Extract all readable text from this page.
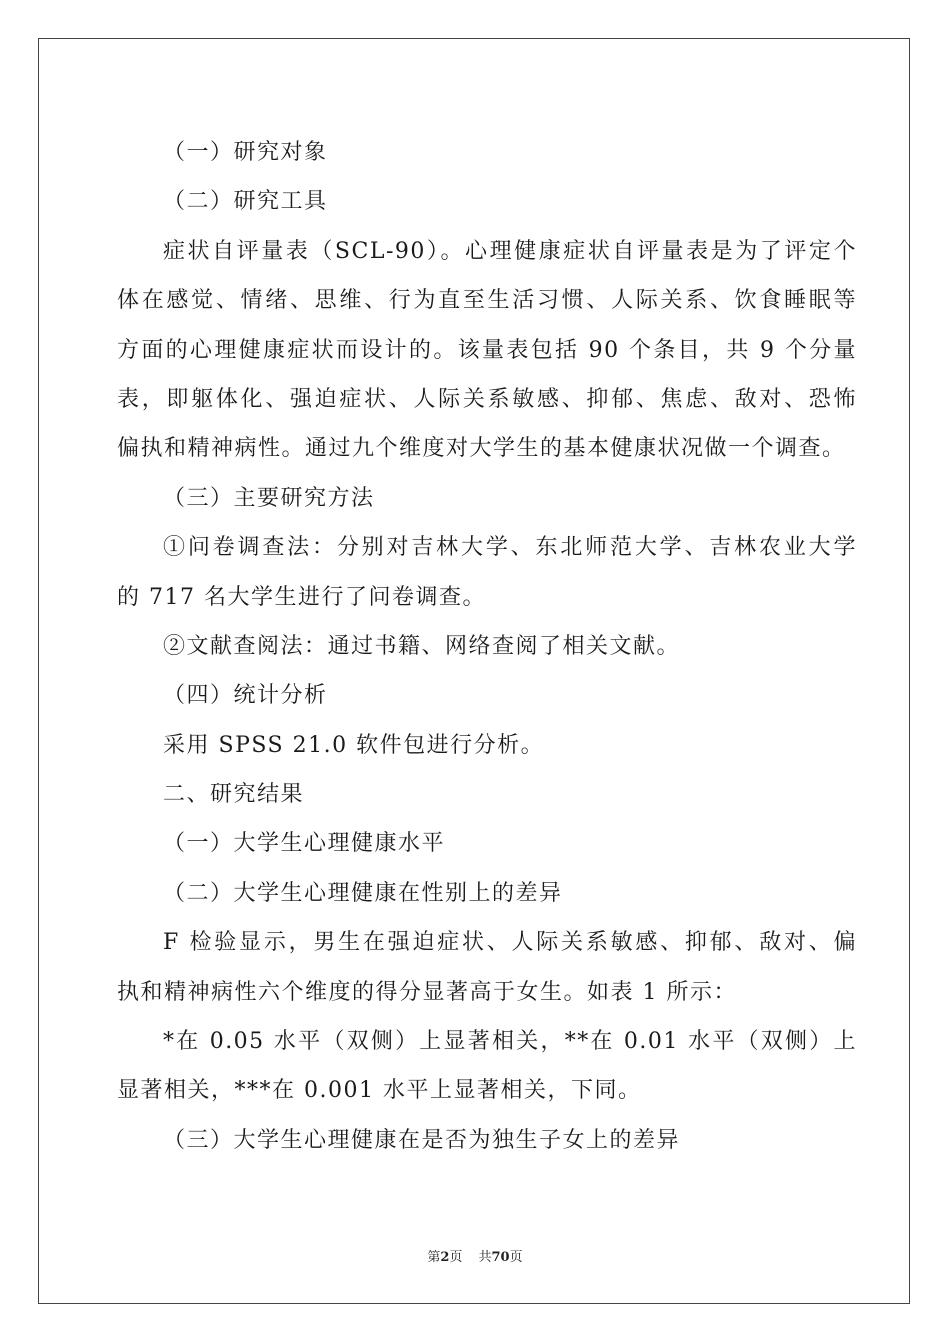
（一）研究对象
（二）研究工具
症状自评量表（SCL-90）。心理健康症状自评量表是为了评定个
体在感觉、情绪、思维、行为直至生活习惯、人际关系、饮食睡眠等
方面的心理健康症状而设计的。该量表包括 90 个条目，共 9 个分量
表，即躯体化、强迫症状、人际关系敏感、抑郁、焦虑、敌对、恐怖
偏执和精神病性。通过九个维度对大学生的基本健康状况做一个调查。
（三）主要研究方法
①问卷调查法：分别对吉林大学、东北师范大学、吉林农业大学
的 717 名大学生进行了问卷调查。
②文献查阅法：通过书籍、网络查阅了相关文献。
（四）统计分析
采用 SPSS 21.0 软件包进行分析。
二、研究结果
（一）大学生心理健康水平
（二）大学生心理健康在性别上的差异
F 检验显示，男生在强迫症状、人际关系敏感、抑郁、敌对、偏
执和精神病性六个维度的得分显著高于女生。如表 1 所示：
*在 0.05 水平（双侧）上显著相关，**在 0.01 水平（双侧）上
显著相关，***在 0.001 水平上显著相关，下同。
（三）大学生心理健康在是否为独生子女上的差异
第2页 共70页
